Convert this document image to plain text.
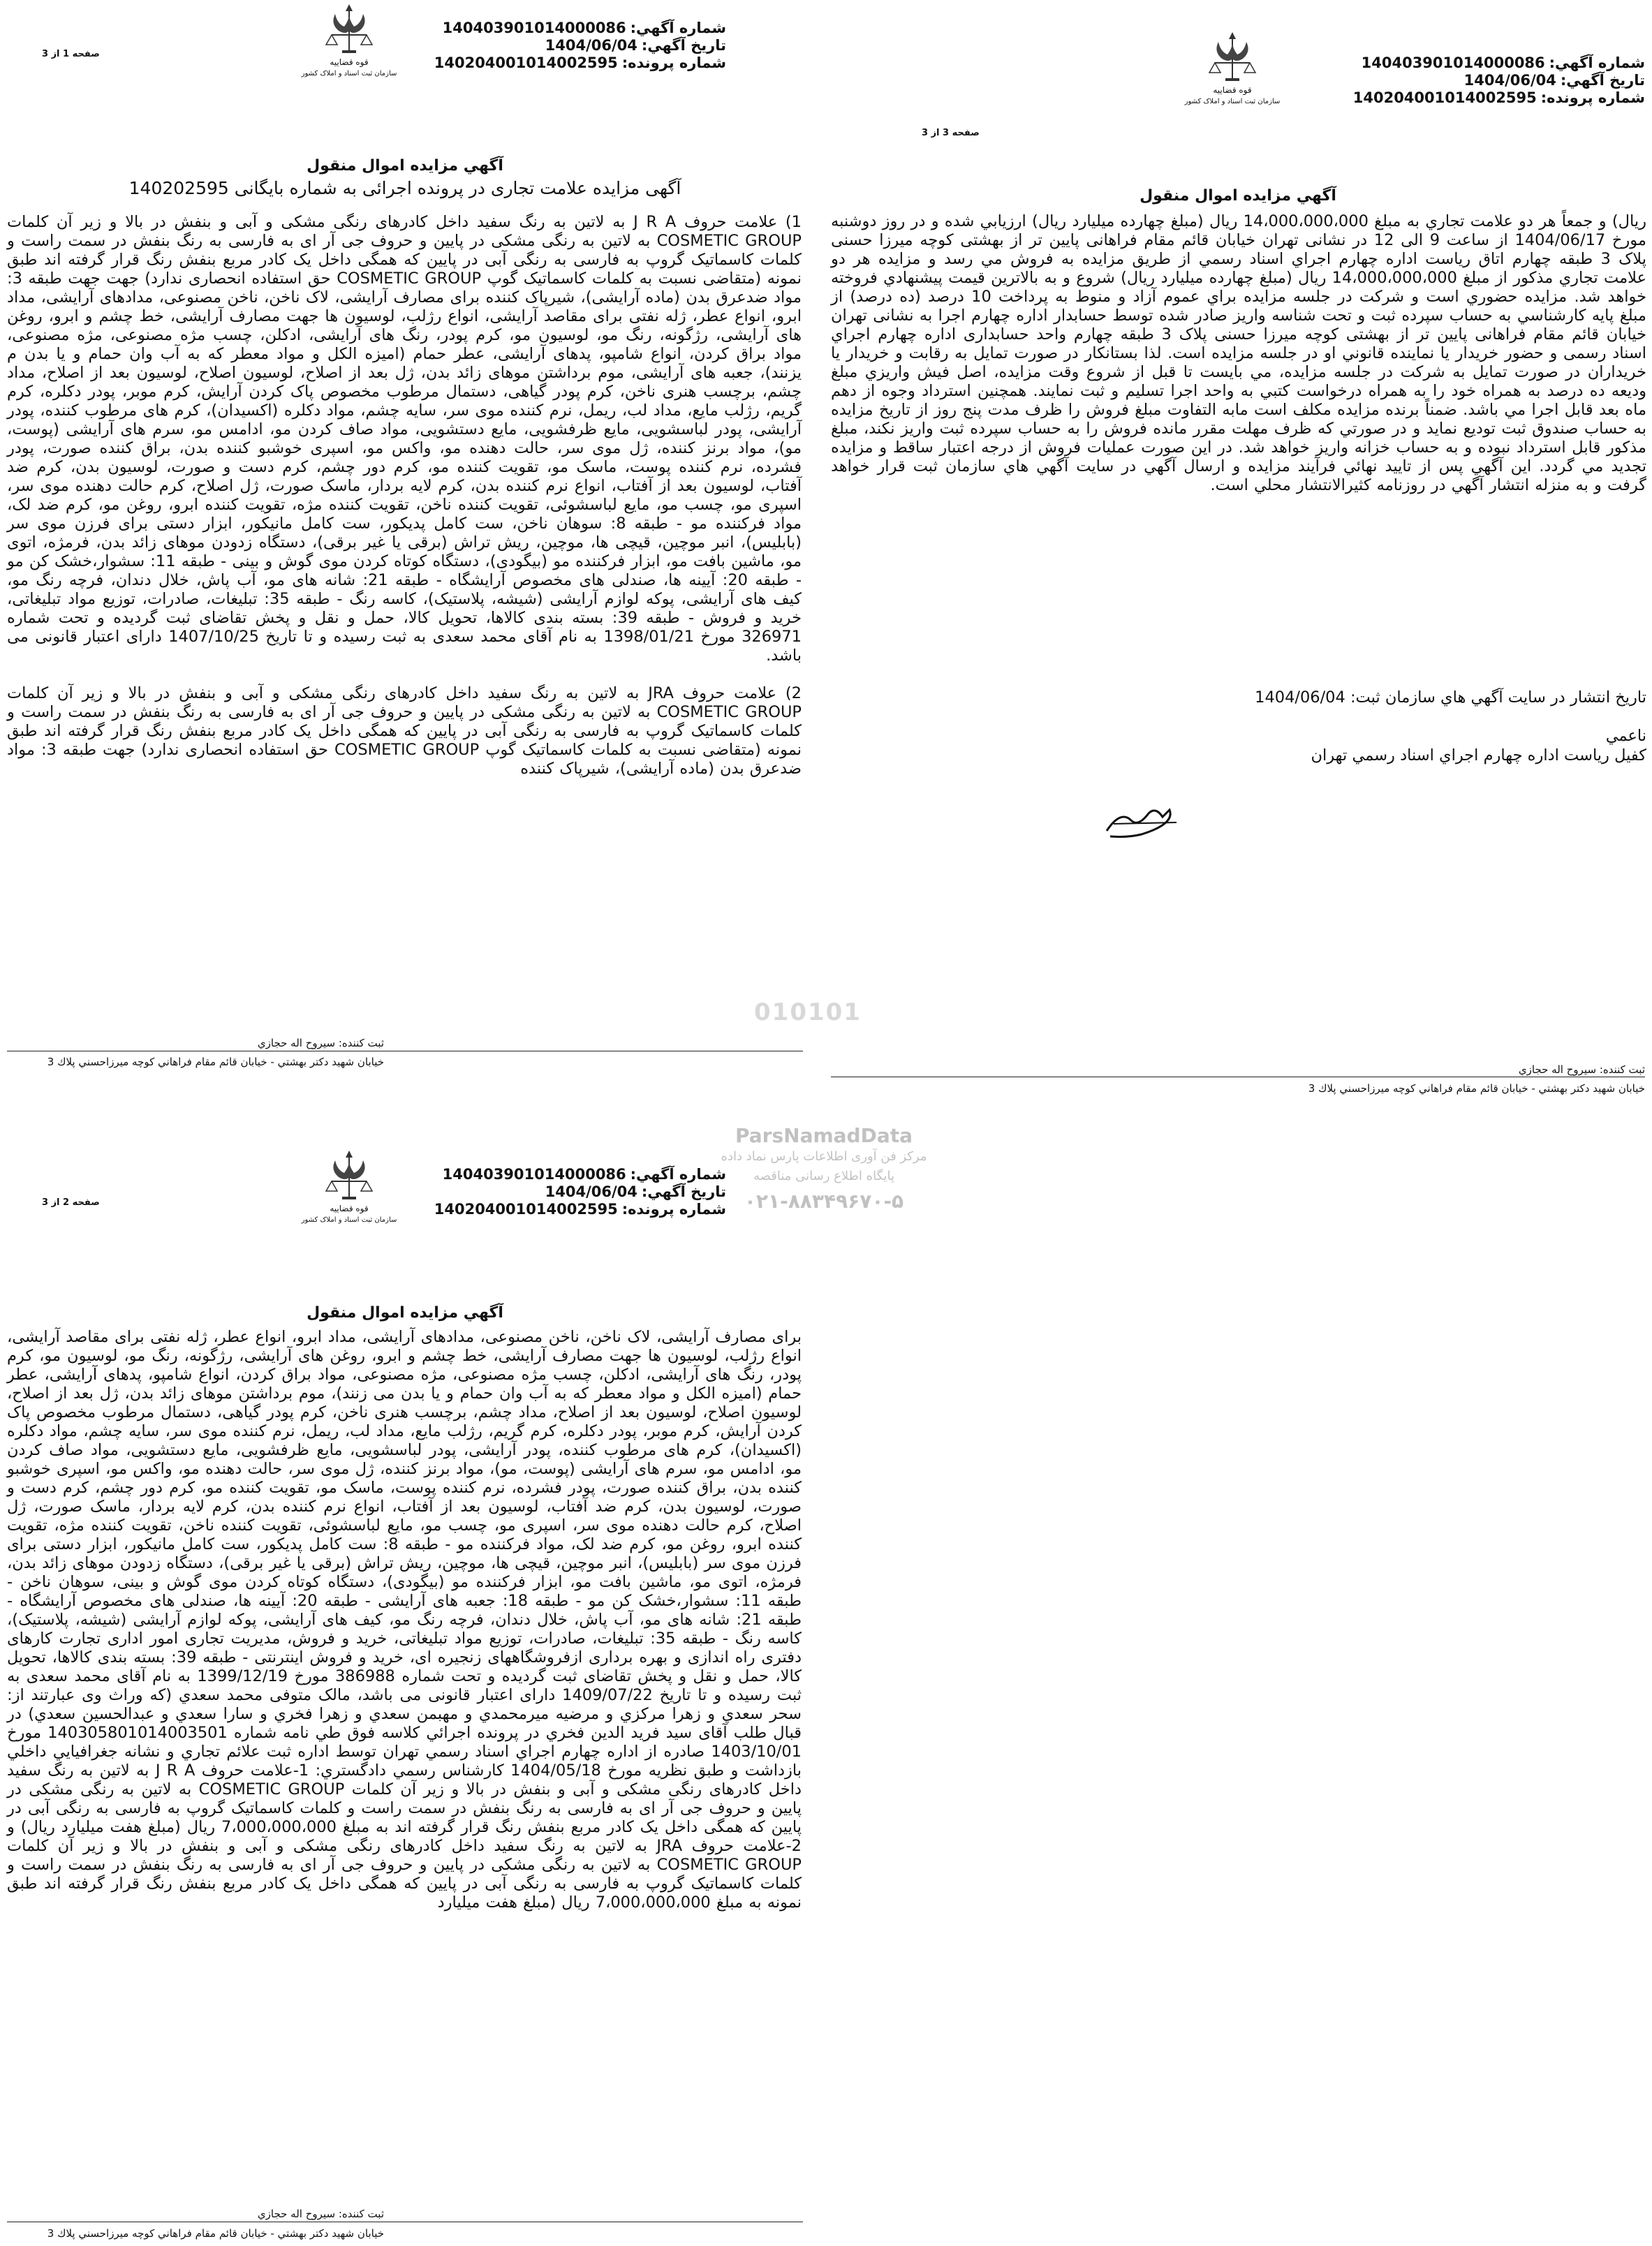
شماره آگهي:
140403901014000086
تاريخ آگهي:
1404/06/04
شماره پرونده:
140204001014002595
قوه قضاییه
سازمان ثبت اسناد و املاک کشور
صفحه 1 از 3
آگهي مزايده اموال منقول
آگهی مزایده علامت تجاری در پرونده اجرائی به شماره بایگانی 140202595

1) علامت حروف J R A به لاتین به رنگ سفید داخل کادرهای رنگی مشکی و آبی و بنفش در بالا و زیر آن کلمات COSMETIC GROUP به لاتین به رنگی مشکی در پایین و حروف جی آر ای به فارسی به رنگ بنفش در سمت راست و کلمات کاسماتیک گروپ به فارسی به رنگی آبی در پایین که همگی داخل یک کادر مربع بنفش رنگ قرار گرفته اند طبق نمونه (متقاضی نسبت به کلمات کاسماتیک گوپ COSMETIC GROUP حق استفاده انحصاری ندارد) جهت جهت طبقه 3: مواد ضدعرق بدن (ماده آرایشی)، شیرپاک کننده برای مصارف آرایشی، لاک ناخن، ناخن مصنوعی، مدادهای آرایشی، مداد ابرو، انواع عطر، ژله نفتی برای مقاصد آرایشی، انواع رژلب، لوسیون ها جهت مصارف آرایشی، خط چشم و ابرو، روغن های آرایشی، رژگونه، رنگ مو، لوسیون مو، کرم پودر، رنگ های آرایشی، ادکلن، چسب مژه مصنوعی، مژه مصنوعی، مواد براق کردن، انواع شامپو، پدهای آرایشی، عطر حمام (امیزه الکل و مواد معطر که به آب وان حمام و یا بدن م یزنند)، جعبه های آرایشی، موم برداشتن موهای زائد بدن، ژل بعد از اصلاح، لوسیون اصلاح، لوسیون بعد از اصلاح، مداد چشم، برچسب هنری ناخن، کرم پودر گیاهی، دستمال مرطوب مخصوص پاک کردن آرایش، کرم موبر، پودر دکلره، کرم گریم، رژلب مایع، مداد لب، ریمل، نرم کننده موی سر، سایه چشم، مواد دکلره (اکسیدان)، کرم های مرطوب کننده، پودر آرایشی، پودر لباسشویی، مایع ظرفشویی، مایع دستشویی، مواد صاف کردن مو، ادامس مو، سرم های آرایشی (پوست، مو)، مواد برنز کننده، ژل موی سر، حالت دهنده مو، واکس مو، اسپری خوشبو کننده بدن، براق کننده صورت، پودر فشرده، نرم کننده پوست، ماسک مو، تقویت کننده مو، کرم دور چشم، کرم دست و صورت، لوسیون بدن، کرم ضد آفتاب، لوسیون بعد از آفتاب، انواع نرم کننده بدن، کرم لایه بردار، ماسک صورت، ژل اصلاح، کرم حالت دهنده موی سر، اسپری مو، چسب مو، مایع لباسشوئی، تقویت کننده ناخن، تقویت کننده مژه، تقویت کننده ابرو، روغن مو، کرم ضد لک، مواد فرکننده مو - طبقه 8: سوهان ناخن، ست کامل پدیکور، ست کامل مانیکور، ابزار دستی برای فرزن موی سر (بابلیس)، انبر موچین، قیچی ها، موچین، ریش تراش (برقی یا غیر برقی)، دستگاه زدودن موهای زائد بدن، فرمژه، اتوی مو، ماشین بافت مو، ابزار فرکننده مو (بیگودی)، دستگاه کوتاه کردن موی گوش و بینی - طبقه 11: سشوار،خشک کن مو - طبقه 20: آیینه ها، صندلی های مخصوص آرایشگاه - طبقه 21: شانه های مو، آب پاش، خلال دندان، فرچه رنگ مو، کیف های آرایشی، پوکه لوازم آرایشی (شیشه، پلاستیک)، کاسه رنگ - طبقه 35: تبلیغات، صادرات، توزیع مواد تبلیغاتی، خرید و فروش - طبقه 39: بسته بندی کالاها، تحویل کالا، حمل و نقل و پخش تقاضای ثبت گردیده و تحت شماره 326971 مورخ 1398/01/21 به نام آقای محمد سعدی به ثبت رسیده و تا تاریخ 1407/10/25 دارای اعتبار قانونی می باشد.

2) علامت حروف JRA به لاتین به رنگ سفید داخل کادرهای رنگی مشکی و آبی و بنفش در بالا و زیر آن کلمات COSMETIC GROUP به لاتین به رنگی مشکی در پایین و حروف جی آر ای به فارسی به رنگ بنفش در سمت راست و کلمات کاسماتیک گروپ به فارسی به رنگی آبی در پایین که همگی داخل یک کادر مربع بنفش رنگ قرار گرفته اند طبق نمونه (متقاضی نسبت به کلمات کاسماتیک گوپ COSMETIC GROUP حق استفاده انحصاری ندارد) جهت طبقه 3: مواد ضدعرق بدن (ماده آرایشی)، شیرپاک کننده

ثبت كننده: سيروح اله حجازي
خيابان شهيد دكتر بهشتي - خيابان قائم مقام فراهاني كوچه ميرزاحسني پلاك 3
شماره آگهي:
140403901014000086
تاريخ آگهي:
1404/06/04
شماره پرونده:
140204001014002595
قوه قضاییه
سازمان ثبت اسناد و املاک کشور
صفحه 3 از 3
آگهي مزايده اموال منقول

ريال) و جمعاً هر دو علامت تجاري به مبلغ 14،000،000،000 ريال (مبلغ چهارده ميليارد ريال) ارزيابي شده و در روز دوشنبه مورخ 1404/06/17 از ساعت 9 الی 12 در نشانی تهران خيابان قائم مقام فراهانی پايين تر از بهشتی كوچه ميرزا حسنی پلاک 3 طبقه چهارم اتاق رياست اداره چهارم اجراي اسناد رسمي از طريق مزايده به فروش مي رسد و مزايده هر دو علامت تجاري مذكور از مبلغ 14،000،000،000 ريال (مبلغ چهارده ميليارد ريال) شروع و به بالاترين قيمت پيشنهادي فروخته خواهد شد. مزايده حضوري است و شركت در جلسه مزايده براي عموم آزاد و منوط به پرداخت 10 درصد (ده درصد) از مبلغ پايه كارشناسي به حساب سپرده ثبت و تحت شناسه واريز صادر شده توسط حسابدار اداره چهارم اجرا به نشانی تهران خيابان قائم مقام فراهانی پايين تر از بهشتی كوچه ميرزا حسنی پلاک 3 طبقه چهارم واحد حسابداری اداره چهارم اجراي اسناد رسمی و حضور خريدار يا نماينده قانوني او در جلسه مزايده است. لذا بستانكار در صورت تمايل به رقابت و خريدار يا خريداران در صورت تمايل به شركت در جلسه مزايده، مي بايست تا قبل از شروع وقت مزايده، اصل فيش واريزي مبلغ وديعه ده درصد به همراه خود را به همراه درخواست كتبي به واحد اجرا تسليم و ثبت نمايند. همچنين استرداد وجوه از دهم ماه بعد قابل اجرا مي باشد. ضمناً برنده مزايده مكلف است مابه التفاوت مبلغ فروش را ظرف مدت پنج روز از تاريخ مزايده به حساب صندوق ثبت توديع نمايد و در صورتي كه ظرف مهلت مقرر مانده فروش را به حساب سپرده ثبت واريز نكند، مبلغ مذكور قابل استرداد نبوده و به حساب خزانه واريز خواهد شد. در اين صورت عمليات فروش از درجه اعتبار ساقط و مزايده تجديد مي گردد. اين آگهي پس از تاييد نهائي فرآيند مزايده و ارسال آگهي در سايت آگهي هاي سازمان ثبت قرار خواهد گرفت و به منزله انتشار آگهي در روزنامه كثيرالانتشار محلي است.

تاريخ انتشار در سايت آگهي هاي سازمان ثبت: 1404/06/04
ناعمي
كفيل رياست اداره چهارم اجراي اسناد رسمي تهران
ثبت كننده: سيروح اله حجازي
خيابان شهيد دكتر بهشتي - خيابان قائم مقام فراهاني كوچه ميرزاحسني پلاك 3
شماره آگهي:
140403901014000086
تاريخ آگهي:
1404/06/04
شماره پرونده:
140204001014002595
قوه قضاییه
سازمان ثبت اسناد و املاک کشور
صفحه 2 از 3
آگهي مزايده اموال منقول

برای مصارف آرایشی، لاک ناخن، ناخن مصنوعی، مدادهای آرایشی، مداد ابرو، انواع عطر، ژله نفتی برای مقاصد آرایشی، انواع رژلب، لوسیون ها جهت مصارف آرایشی، خط چشم و ابرو، روغن های آرایشی، رژگونه، رنگ مو، لوسیون مو، کرم پودر، رنگ های آرایشی، ادکلن، چسب مژه مصنوعی، مژه مصنوعی، مواد براق کردن، انواع شامپو، پدهای آرایشی، عطر حمام (امیزه الکل و مواد معطر که به آب وان حمام و یا بدن می زنند)، موم برداشتن موهای زائد بدن، ژل بعد از اصلاح، لوسیون اصلاح، لوسیون بعد از اصلاح، مداد چشم، برچسب هنری ناخن، کرم پودر گیاهی، دستمال مرطوب مخصوص پاک کردن آرایش، کرم موبر، پودر دکلره، کرم گریم، رژلب مایع، مداد لب، ریمل، نرم کننده موی سر، سایه چشم، مواد دکلره (اکسیدان)، کرم های مرطوب کننده، پودر آرایشی، پودر لباسشویی، مایع ظرفشویی، مایع دستشویی، مواد صاف کردن مو، ادامس مو، سرم های آرایشی (پوست، مو)، مواد برنز کننده، ژل موی سر، حالت دهنده مو، واکس مو، اسپری خوشبو کننده بدن، براق کننده صورت، پودر فشرده، نرم کننده پوست، ماسک مو، تقویت کننده مو، کرم دور چشم، کرم دست و صورت، لوسیون بدن، کرم ضد آفتاب، لوسیون بعد از آفتاب، انواع نرم کننده بدن، کرم لایه بردار، ماسک صورت، ژل اصلاح، کرم حالت دهنده موی سر، اسپری مو، چسب مو، مایع لباسشوئی، تقویت کننده ناخن، تقویت کننده مژه، تقویت کننده ابرو، روغن مو، کرم ضد لک، مواد فرکننده مو - طبقه 8: ست کامل پدیکور، ست کامل مانیکور، ابزار دستی برای فرزن موی سر (بابلیس)، انبر موچین، قیچی ها، موچین، ریش تراش (برقی یا غیر برقی)، دستگاه زدودن موهای زائد بدن، فرمژه، اتوی مو، ماشین بافت مو، ابزار فرکننده مو (بیگودی)، دستگاه کوتاه کردن موی گوش و بینی، سوهان ناخن - طبقه 11: سشوار،خشک کن مو - طبقه 18: جعبه های آرایشی - طبقه 20: آیینه ها، صندلی های مخصوص آرایشگاه - طبقه 21: شانه های مو، آب پاش، خلال دندان، فرچه رنگ مو، کیف های آرایشی، پوکه لوازم آرایشی (شیشه، پلاستیک)، کاسه رنگ - طبقه 35: تبلیغات، صادرات، توزیع مواد تبلیغاتی، خرید و فروش، مدیریت تجاری امور اداری تجارت کارهای دفتری راه اندازی و بهره برداری ازفروشگاههای زنجیره ای، خرید و فروش اینترنتی - طبقه 39: بسته بندی کالاها، تحویل کالا، حمل و نقل و پخش تقاضای ثبت گردیده و تحت شماره 386988 مورخ 1399/12/19 به نام آقای محمد سعدی به ثبت رسیده و تا تاریخ 1409/07/22 دارای اعتبار قانونی می باشد، مالک متوفی محمد سعدي (كه وراث وی عبارتند از: سحر سعدي و زهرا مرکزي و مرضيه ميرمحمدي و مهبمن سعدي و زهرا فخري و سارا سعدي و عبدالحسين سعدي) در قبال طلب آقای سید فريد الدين فخري در پرونده اجرائي كلاسه فوق طي نامه شماره 140305801014003501 مورخ 1403/10/01 صادره از اداره چهارم اجراي اسناد رسمي تهران توسط اداره ثبت علائم تجاري و نشانه جغرافيايي داخلي بازداشت و طبق نظريه مورخ 1404/05/18 كارشناس رسمي دادگستري: 1-علامت حروف J R A به لاتین به رنگ سفید داخل کادرهای رنگی مشکی و آبی و بنفش در بالا و زیر آن کلمات COSMETIC GROUP به لاتین به رنگی مشکی در پایین و حروف جی آر ای به فارسی به رنگ بنفش در سمت راست و کلمات کاسماتیک گروپ به فارسی به رنگی آبی در پایین که همگی داخل یک کادر مربع بنفش رنگ قرار گرفته اند به مبلغ 7،000،000،000 ريال (مبلغ هفت ميليارد ريال) و 2-علامت حروف JRA به لاتین به رنگ سفید داخل کادرهای رنگی مشکی و آبی و بنفش در بالا و زیر آن کلمات COSMETIC GROUP به لاتین به رنگی مشکی در پایین و حروف جی آر ای به فارسی به رنگ بنفش در سمت راست و کلمات کاسماتیک گروپ به فارسی به رنگی آبی در پایین که همگی داخل یک کادر مربع بنفش رنگ قرار گرفته اند طبق نمونه به مبلغ 7،000،000،000 ريال (مبلغ هفت ميليارد

ثبت كننده: سيروح اله حجازي
خيابان شهيد دكتر بهشتي - خيابان قائم مقام فراهاني كوچه ميرزاحسني پلاك 3
010101
ParsNamadData
مرکز فن آوری اطلاعات پارس نماد داده
پایگاه اطلاع رسانی مناقصه
۰۲۱-۸۸۳۴۹۶۷۰-۵
